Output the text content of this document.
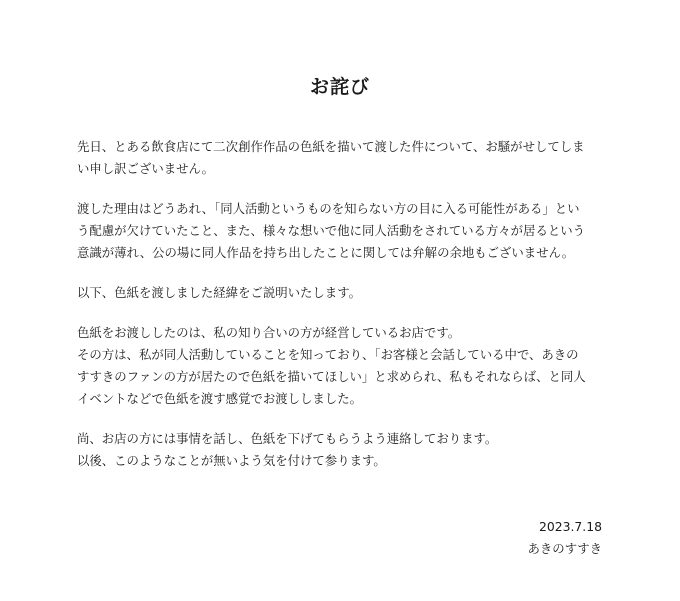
お詫び

先日、とある飲食店にて二次創作作品の色紙を描いて渡した件について、お騒がせしてしま

い申し訳ございません。

渡した理由はどうあれ、「同人活動というものを知らない方の目に入る可能性がある」とい

う配慮が欠けていたこと、また、様々な想いで他に同人活動をされている方々が居るという

意識が薄れ、公の場に同人作品を持ち出したことに関しては弁解の余地もございません。

以下、色紙を渡しました経緯をご説明いたします。

色紙をお渡ししたのは、私の知り合いの方が経営しているお店です。

その方は、私が同人活動していることを知っており、「お客様と会話している中で、あきの

すすきのファンの方が居たので色紙を描いてほしい」と求められ、私もそれならば、と同人

イベントなどで色紙を渡す感覚でお渡ししました。

尚、お店の方には事情を話し、色紙を下げてもらうよう連絡しております。

以後、このようなことが無いよう気を付けて参ります。

2023.7.18

あきのすすき
